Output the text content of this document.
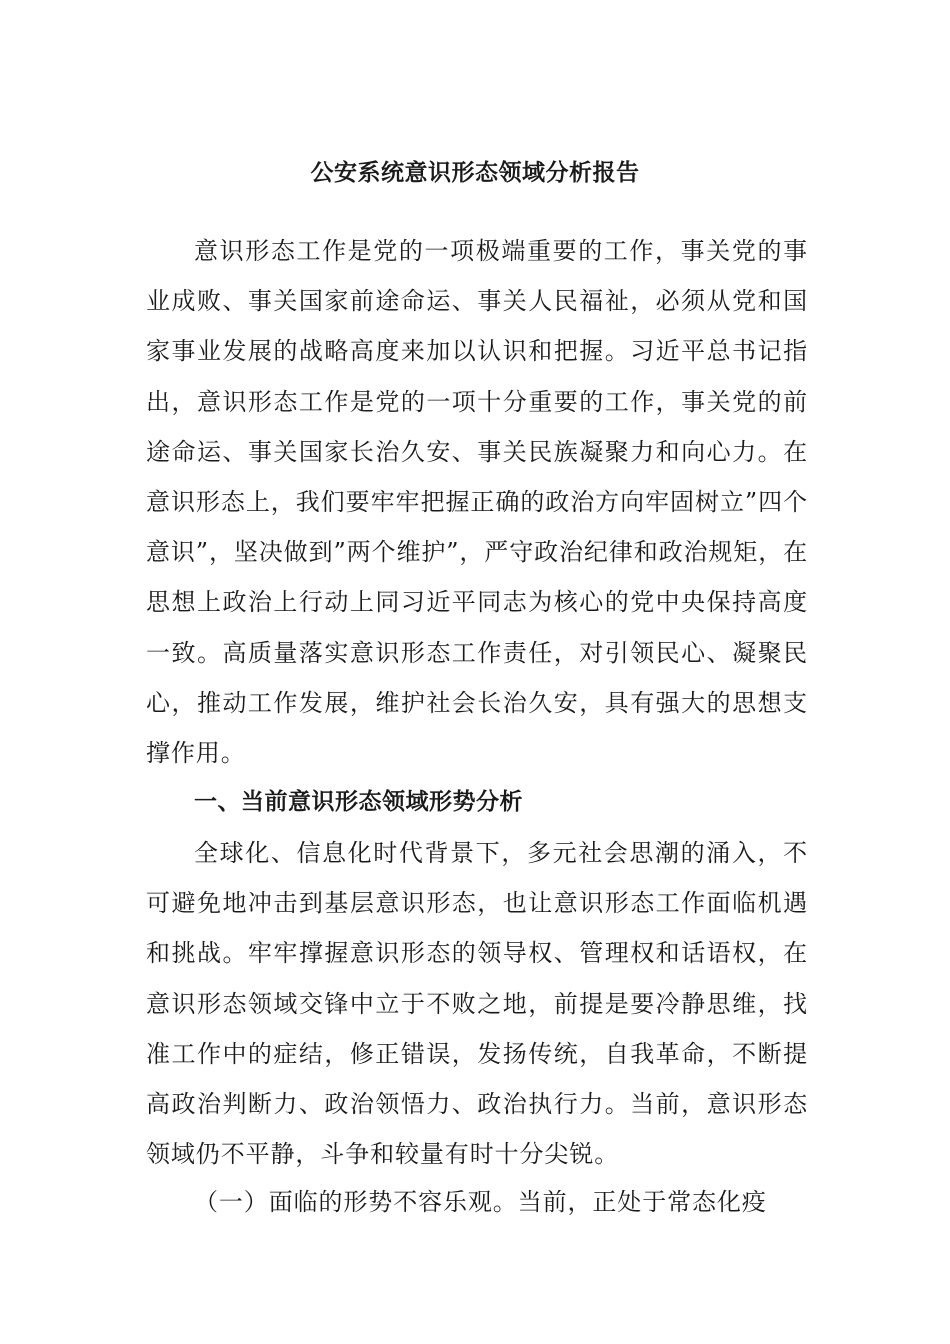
公安系统意识形态领域分析报告

意识形态工作是党的一项极端重要的工作，事关党的事业成败、事关国家前途命运、事关人民福祉，必须从党和国家事业发展的战略高度来加以认识和把握。习近平总书记指出，意识形态工作是党的一项十分重要的工作，事关党的前途命运、事关国家长治久安、事关民族凝聚力和向心力。在意识形态上，我们要牢牢把握正确的政治方向牢固树立”四个意识”，坚决做到”两个维护”，严守政治纪律和政治规矩，在思想上政治上行动上同习近平同志为核心的党中央保持高度一致。高质量落实意识形态工作责任，对引领民心、凝聚民心，推动工作发展，维护社会长治久安，具有强大的思想支撑作用。

一、当前意识形态领域形势分析

全球化、信息化时代背景下，多元社会思潮的涌入，不可避免地冲击到基层意识形态，也让意识形态工作面临机遇和挑战。牢牢撑握意识形态的领导权、管理权和话语权，在意识形态领域交锋中立于不败之地，前提是要冷静思维，找准工作中的症结，修正错误，发扬传统，自我革命，不断提高政治判断力、政治领悟力、政治执行力。当前，意识形态领域仍不平静，斗争和较量有时十分尖锐。

（一）面临的形势不容乐观。当前，正处于常态化疫
